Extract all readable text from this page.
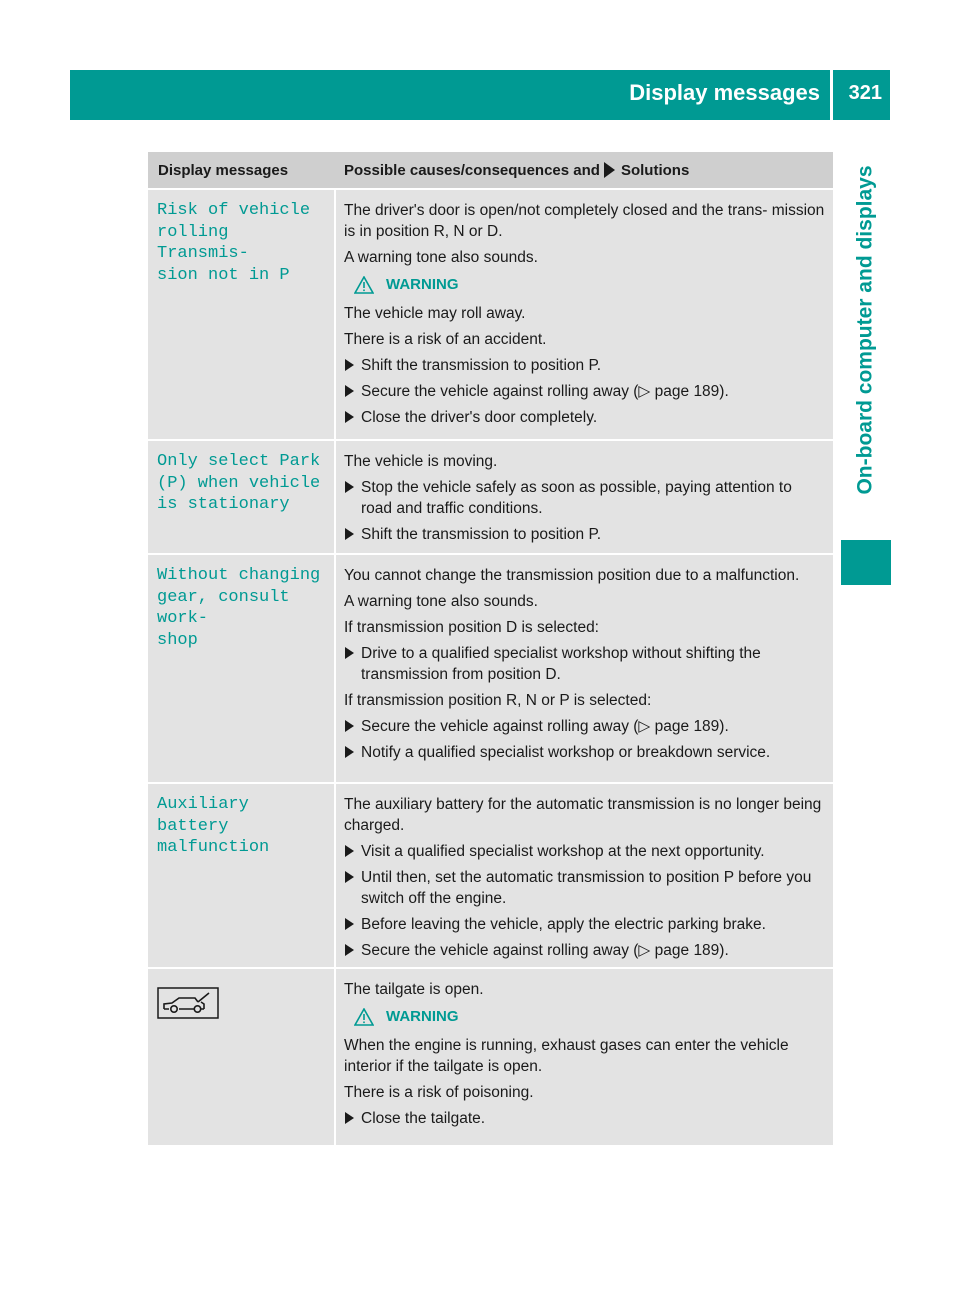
Display messages 321
On-board computer and displays
Display messages	Possible causes/consequences and Solutions
Risk of vehicle
rolling Transmis‐
sion not in P

The driver's door is open/not completely closed and the trans‐ mission is in position R, N or D.

A warning tone also sounds.

WARNING

The vehicle may roll away.

There is a risk of an accident.

Shift the transmission to position P.
Secure the vehicle against rolling away (▷ page 189).
Close the driver's door completely.
Only select Park
(P) when vehicle
is stationary

The vehicle is moving.

Stop the vehicle safely as soon as possible, paying attention to road and traffic conditions.
Shift the transmission to position P.
Without changing
gear, consult work‐
shop

You cannot change the transmission position due to a malfunction.

A warning tone also sounds.

If transmission position D is selected:

Drive to a qualified specialist workshop without shifting the transmission from position D.

If transmission position R, N or P is selected:

Secure the vehicle against rolling away (▷ page 189).
Notify a qualified specialist workshop or breakdown service.
Auxiliary battery
malfunction

The auxiliary battery for the automatic transmission is no longer being charged.

Visit a qualified specialist workshop at the next opportunity.
Until then, set the automatic transmission to position P before you switch off the engine.
Before leaving the vehicle, apply the electric parking brake.
Secure the vehicle against rolling away (▷ page 189).

The tailgate is open.

WARNING

When the engine is running, exhaust gases can enter the vehicle interior if the tailgate is open.

There is a risk of poisoning.

Close the tailgate.
